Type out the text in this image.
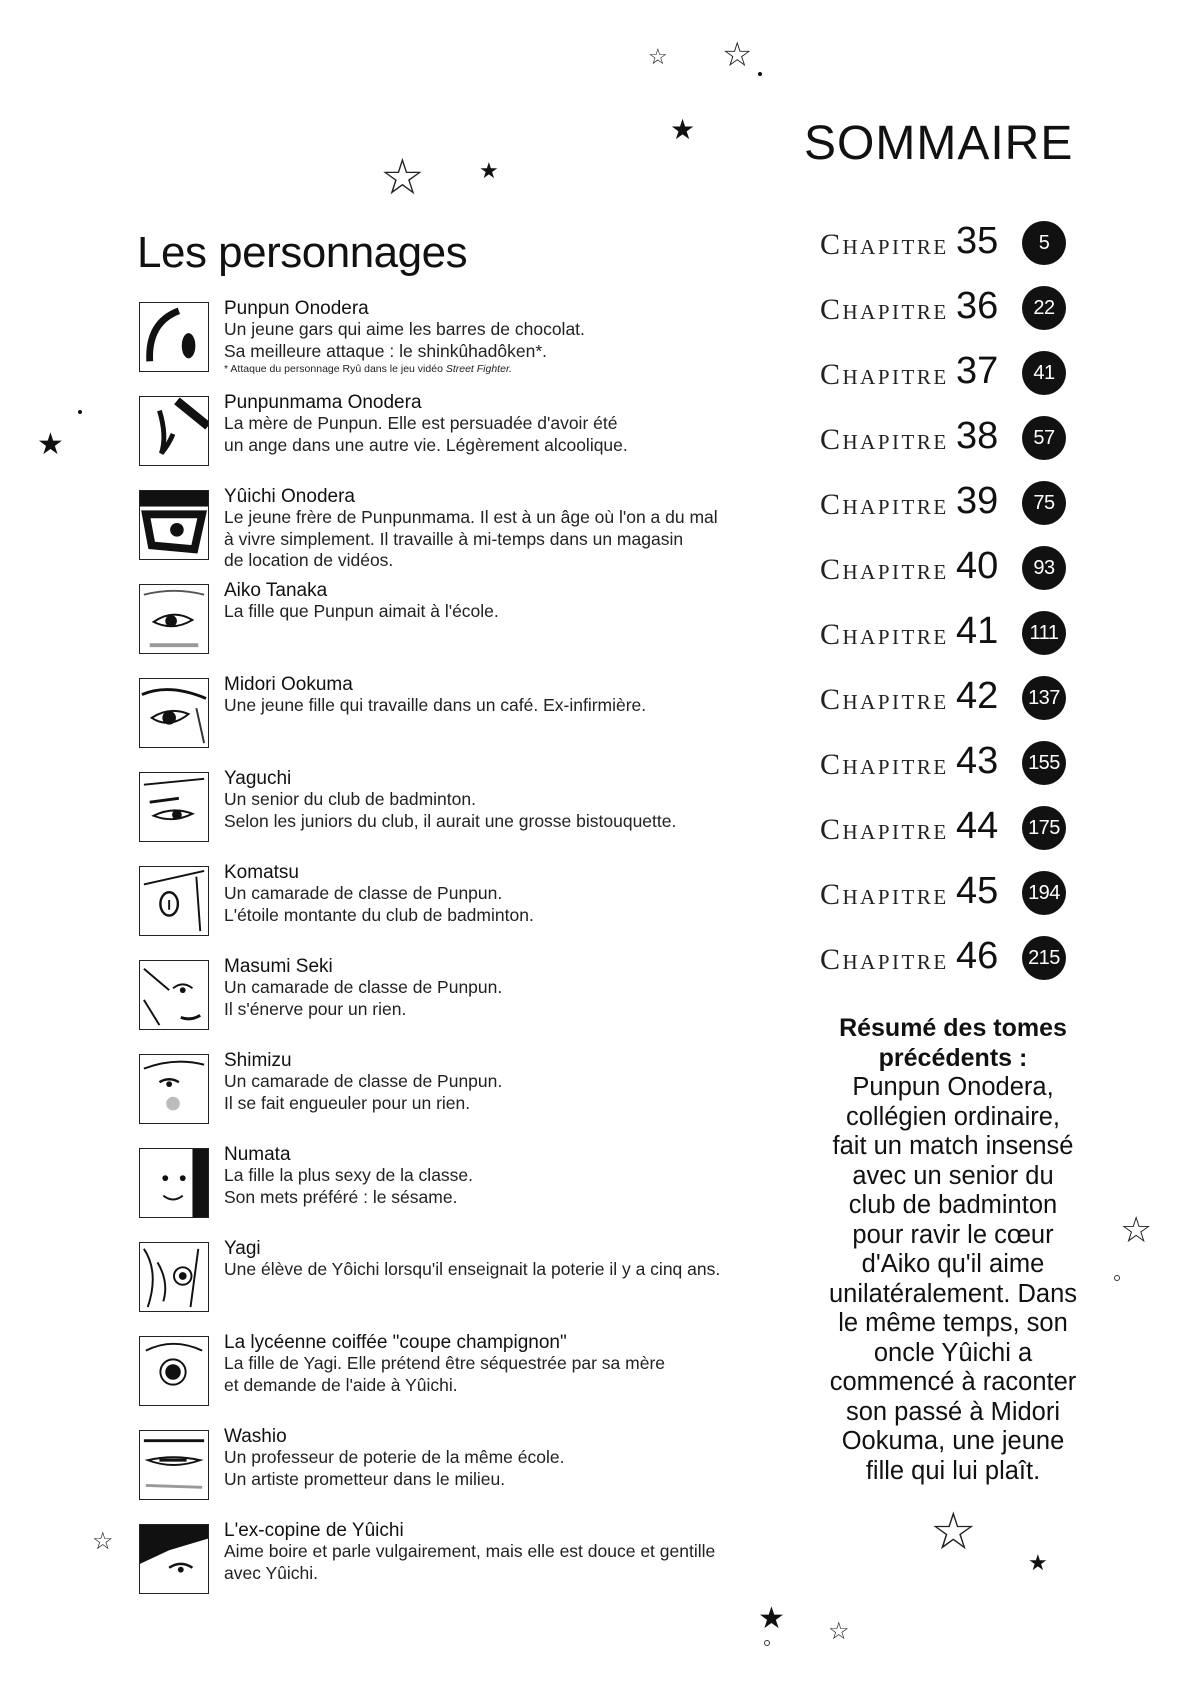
☆ ☆
★
☆ ★
★
☆
☆
★
☆
★ ☆
Les personnages
Punpun Onodera
Un jeune gars qui aime les barres de chocolat.
Sa meilleure attaque : le shinkûhadôken*.
* Attaque du personnage Ryû dans le jeu vidéo Street Fighter.
Punpunmama Onodera
La mère de Punpun. Elle est persuadée d'avoir été
un ange dans une autre vie. Légèrement alcoolique.
Yûichi Onodera
Le jeune frère de Punpunmama. Il est à un âge où l'on a du mal
à vivre simplement. Il travaille à mi-temps dans un magasin
de location de vidéos.
Aiko Tanaka
La fille que Punpun aimait à l'école.
Midori Ookuma
Une jeune fille qui travaille dans un café. Ex-infirmière.
Yaguchi
Un senior du club de badminton.
Selon les juniors du club, il aurait une grosse bistouquette.
Komatsu
Un camarade de classe de Punpun.
L'étoile montante du club de badminton.
Masumi Seki
Un camarade de classe de Punpun.
Il s'énerve pour un rien.
Shimizu
Un camarade de classe de Punpun.
Il se fait engueuler pour un rien.
Numata
La fille la plus sexy de la classe.
Son mets préféré : le sésame.
Yagi
Une élève de Yôichi lorsqu'il enseignait la poterie il y a cinq ans.
La lycéenne coiffée "coupe champignon"
La fille de Yagi. Elle prétend être séquestrée par sa mère
et demande de l'aide à Yûichi.
Washio
Un professeur de poterie de la même école.
Un artiste prometteur dans le milieu.
L'ex-copine de Yûichi
Aime boire et parle vulgairement, mais elle est douce et gentille
avec Yûichi.
SOMMAIRE
Chapitre 35	5
Chapitre 36	22
Chapitre 37	41
Chapitre 38	57
Chapitre 39	75
Chapitre 40	93
Chapitre 41	111
Chapitre 42	137
Chapitre 43	155
Chapitre 44	175
Chapitre 45	194
Chapitre 46	215
Résumé des tomes précédents :
Punpun Onodera, collégien ordinaire, fait un match insensé avec un senior du club de badminton pour ravir le cœur d'Aiko qu'il aime unilatéralement. Dans le même temps, son oncle Yûichi a commencé à raconter son passé à Midori Ookuma, une jeune fille qui lui plaît.
